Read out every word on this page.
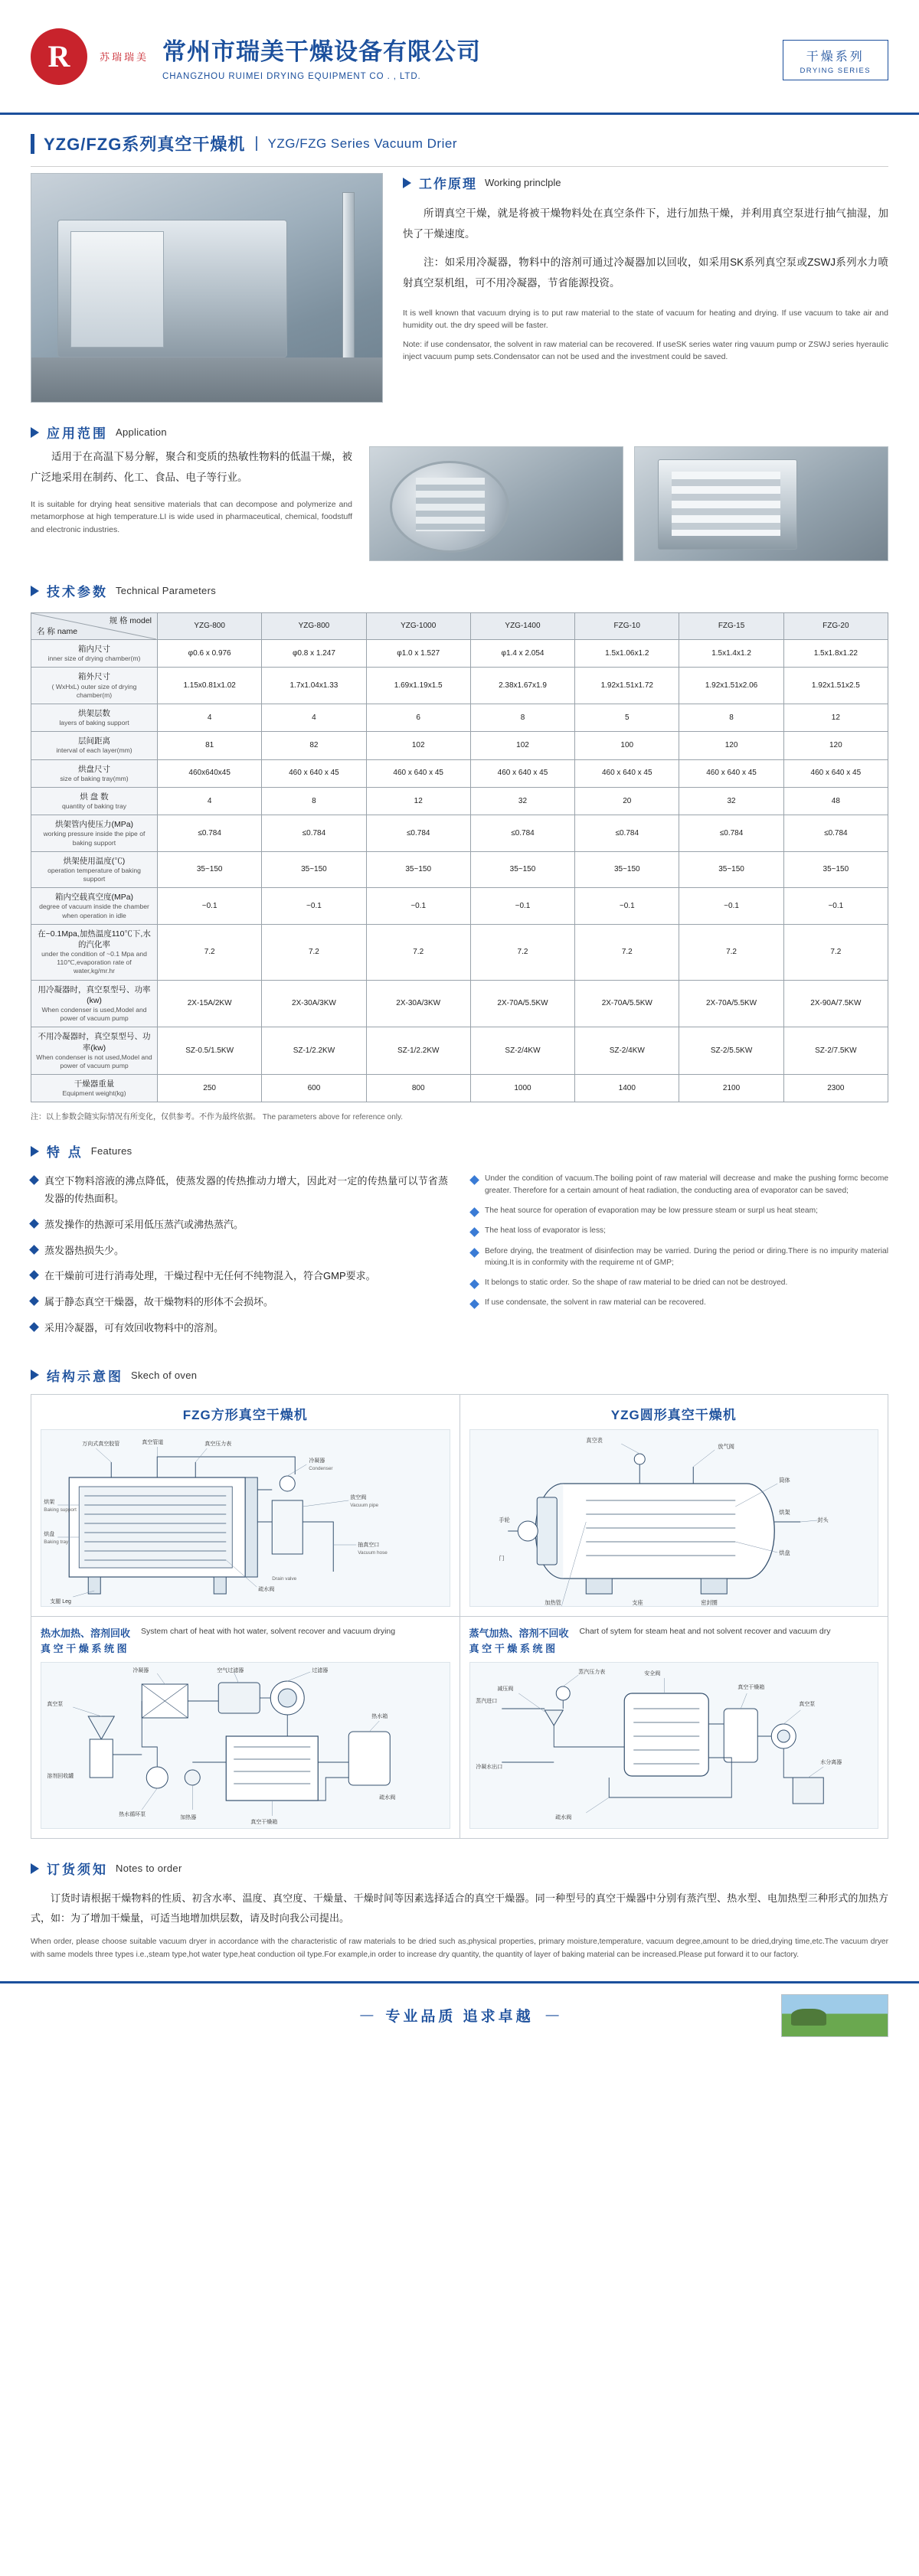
R	苏瑞瑞美 常州市瑞美干燥设备有限公司
CHANGZHOU RUIMEI DRYING EQUIPMENT CO . , LTD.
干燥系列
DRYING SERIES
YZG/FZG系列真空干燥机 | YZG/FZG Series Vacuum Drier
工作原理 Working princlple

所谓真空干燥，就是将被干燥物料处在真空条件下，进行加热干燥，并利用真空泵进行抽气抽湿，加快了干燥速度。

注：如采用冷凝器，物料中的溶剂可通过冷凝器加以回收，如采用SK系列真空泵或ZSWJ系列水力喷射真空泵机组，可不用冷凝器，节省能源投资。

It is well known that vacuum drying is to put raw material to the state of vacuum for heating and drying. If use vacuum to take air and humidity out. the dry speed will be faster.

Note: if use condensator, the solvent in raw material can be recovered. If useSK series water ring vauum pump or ZSWJ series hyeraulic inject vacuum pump sets.Condensator can not be used and the investment could be saved.

应用范围 Application

适用于在高温下易分解，聚合和变质的热敏性物料的低温干燥，被广泛地采用在制药、化工、食品、电子等行业。

It is suitable for drying heat sensitive materials that can decompose and polymerize and metamorphose at high temperature.LI is wide used in pharmaceutical, chemical, foodstuff and electronic industries.

技术参数 Technical Parameters
名 称 name
规 格 model	YZG-800	YZG-800	YZG-1000	YZG-1400	FZG-10	FZG-15	FZG-20

箱内尺寸
inner size of drying chamber(m)	φ0.6 x 0.976	φ0.8 x 1.247	φ1.0 x 1.527	φ1.4 x 2.054	1.5x1.06x1.2	1.5x1.4x1.2	1.5x1.8x1.22

箱外尺寸
( WxHxL) outer size of drying chamber(m)	1.15x0.81x1.02	1.7x1.04x1.33	1.69x1.19x1.5	2.38x1.67x1.9	1.92x1.51x1.72	1.92x1.51x2.06	1.92x1.51x2.5

烘架层数
layers of baking support	4	4	6	8	5	8	12

层间距离
interval of each layer(mm)	81	82	102	102	100	120	120

烘盘尺寸
size of baking tray(mm)	460x640x45	460 x 640 x 45	460 x 640 x 45	460 x 640 x 45	460 x 640 x 45	460 x 640 x 45	460 x 640 x 45

烘 盘 数
quantity of baking tray	4	8	12	32	20	32	48

烘架管内使压力(MPa)
working pressure inside the pipe of baking support	≤0.784	≤0.784	≤0.784	≤0.784	≤0.784	≤0.784	≤0.784

烘架使用温度(℃)
operation temperature of baking support	35~150	35~150	35~150	35~150	35~150	35~150	35~150

箱内空载真空度(MPa)
degree of vacuum inside the chamber when operation in idle	~0.1	~0.1	~0.1	~0.1	~0.1	~0.1	~0.1

在~0.1Mpa,加热温度110℃下,水的汽化率
under the condition of ~0.1 Mpa and 110℃,evaporation rate of water,kg/mr.hr	7.2	7.2	7.2	7.2	7.2	7.2	7.2

用冷凝器时，真空泵型号、功率(kw)
When condenser is used,Model and power of vacuum pump	2X-15A/2KW	2X-30A/3KW	2X-30A/3KW	2X-70A/5.5KW	2X-70A/5.5KW	2X-70A/5.5KW	2X-90A/7.5KW

不用冷凝器时，真空泵型号、功率(kw)
When condenser is not used,Model and power of vacuum pump	SZ-0.5/1.5KW	SZ-1/2.2KW	SZ-1/2.2KW	SZ-2/4KW	SZ-2/4KW	SZ-2/5.5KW	SZ-2/7.5KW

干燥器重量
Equipment weight(kg)	250	600	800	1000	1400	2100	2300
注：以上参数会随实际情况有所变化，仅供参考。不作为最终依据。 The parameters above for reference only.
特 点 Features
真空下物料溶液的沸点降低，使蒸发器的传热推动力增大，因此对一定的传热量可以节省蒸发器的传热面积。
蒸发操作的热源可采用低压蒸汽或沸热蒸汽。
蒸发器热损失少。
在干燥前可进行消毒处理，干燥过程中无任何不纯物混入，符合GMP要求。
属于静态真空干燥器，故干燥物料的形体不会损坏。
采用冷凝器，可有效回收物料中的溶剂。
Under the condition of vacuum.The boiling point of raw material will decrease and make the pushing formc become greater. Therefore for a certain amount of heat radiation, the conducting area of evaporator can be saved;
The heat source for operation of evaporation may be low pressure steam or surpl us heat steam;
The heat loss of evaporator is less;
Before drying, the treatment of disinfection may be varried. During the period or diring.There is no impurity material mixing.It is in conformity with the requireme nt of GMP;
It belongs to static order. So the shape of raw material to be dried can not be destroyed.
If use condensate, the solvent in raw material can be recovered.
结构示意图 Skech of oven
FZG方形真空干燥机
万向式真空胶管	真空管道	真空压力表
冷凝器
放空阀
抽真空口
烘架
烘盘
疏水阀
支腿 Leg
Drain valve
Vacuum pipe
Condenser
Baking support
Baking tray
Vacuum hose
YZG圆形真空干燥机
真空表
放气阀
筒体
烘盘
封头
加热管
手轮
门
支座
烘架
密封圈
热水加热、溶剂回收
真 空 干 燥 系 统 图
System chart of heat with hot water, solvent recover and vacuum drying
过滤器
空气过滤器
冷凝器
真空泵
热水循环泵
加热器
热水箱
真空干燥箱
溶剂回收罐
疏水阀
蒸气加热、溶剂不回收
真 空 干 燥 系 统 图
Chart of sytem for steam heat and not solvent recover and vacuum dry
蒸汽进口
蒸汽压力表
减压阀
安全阀
真空干燥箱
真空泵
水分离器
疏水阀
冷凝水出口
订货须知 Notes to order
订货时请根据干燥物料的性质、初含水率、温度、真空度、干燥量、干燥时间等因素选择适合的真空干燥器。同一种型号的真空干燥器中分别有蒸汽型、热水型、电加热型三种形式的加热方式，如：为了增加干燥量，可适当地增加烘层数，请及时向我公司提出。
When order, please choose suitable vacuum dryer in accordance with the characteristic of raw materials to be dried such as,physical properties, primary moisture,temperature, vacuum degree,amount to be dried,drying time,etc.The vacuum dryer with same models three types i.e.,steam type,hot water type,heat conduction oil type.For example,in order to increase dry quantity, the quantity of layer of baking material can be increased.Please put forward it to our factory.
— 专业品质 追求卓越 —
